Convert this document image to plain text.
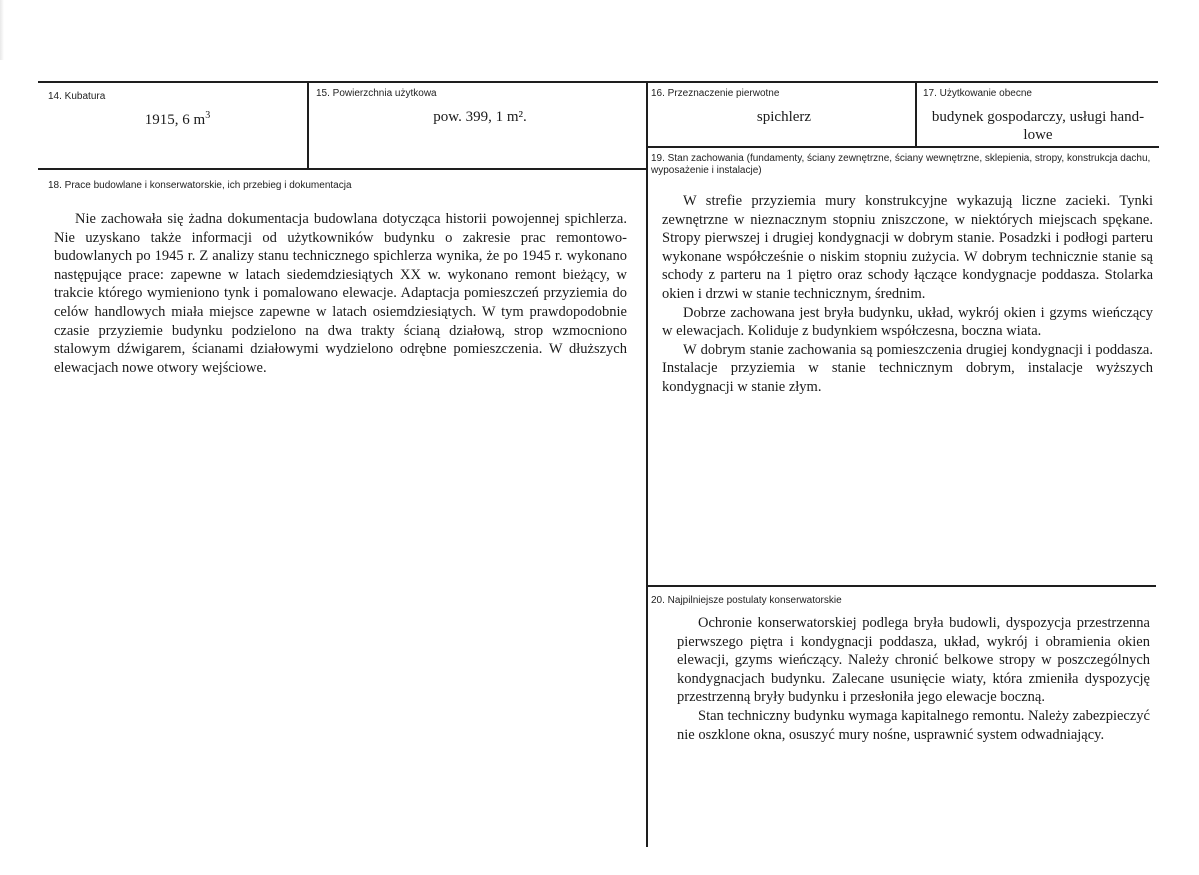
14. Kubatura
1915, 6 $m^3$
15. Powierzchnia użytkowa
pow. 399, 1 m².
16. Przeznaczenie pierwotne
spichlerz
17. Użytkowanie obecne
budynek gospodarczy, usługi hand-
lowe
18. Prace budowlane i konserwatorskie, ich przebieg i dokumentacja

Nie zachowała się żadna dokumentacja budowlana dotycząca historii powojennej spichlerza. Nie uzyskano także informacji od użytkowników budynku o zakresie prac remontowo-budowlanych po 1945 r. Z analizy stanu technicznego spichlerza wynika, że po 1945 r. wykonano następujące prace: zapewne w latach siedemdziesiątych XX w. wykonano remont bieżący, w trakcie którego wymieniono tynk i pomalowano elewacje. Adaptacja pomieszczeń przyziemia do celów handlowych miała miejsce zapewne w latach osiemdziesiątych. W tym prawdopodobnie czasie przyziemie budynku podzielono na dwa trakty ścianą działową, strop wzmocniono stalowym dźwigarem, ścianami działowymi wydzielono odrębne pomieszczenia. W dłuższych elewacjach nowe otwory wejściowe.

19. Stan zachowania (fundamenty, ściany zewnętrzne, ściany wewnętrzne, sklepienia, stropy, konstrukcja dachu, wyposażenie i instalacje)

W strefie przyziemia mury konstrukcyjne wykazują liczne zacieki. Tynki zewnętrzne w nieznacznym stopniu zniszczone, w niektórych miejscach spękane. Stropy pierwszej i drugiej kondygnacji w dobrym stanie. Posadzki i podłogi parteru wykonane współcześnie o niskim stopniu zużycia. W dobrym technicznie stanie są schody z parteru na 1 piętro oraz schody łączące kondygnacje poddasza. Stolarka okien i drzwi w stanie technicznym, średnim.

Dobrze zachowana jest bryła budynku, układ, wykrój okien i gzyms wieńczący w elewacjach. Koliduje z budynkiem współczesna, boczna wiata.

W dobrym stanie zachowania są pomieszczenia drugiej kondygnacji i poddasza. Instalacje przyziemia w stanie technicznym dobrym, instalacje wyższych kondygnacji w stanie złym.

20. Najpilniejsze postulaty konserwatorskie

Ochronie konserwatorskiej podlega bryła budowli, dyspozycja przestrzenna pierwszego piętra i kondygnacji poddasza, układ, wykrój i obramienia okien elewacji, gzyms wieńczący. Należy chronić belkowe stropy w poszczególnych kondygnacjach budynku. Zalecane usunięcie wiaty, która zmieniła dyspozycję przestrzenną bryły budynku i przesłoniła jego elewacje boczną.

Stan techniczny budynku wymaga kapitalnego remontu. Należy zabezpieczyć nie oszklone okna, osuszyć mury nośne, usprawnić system odwadniający.
